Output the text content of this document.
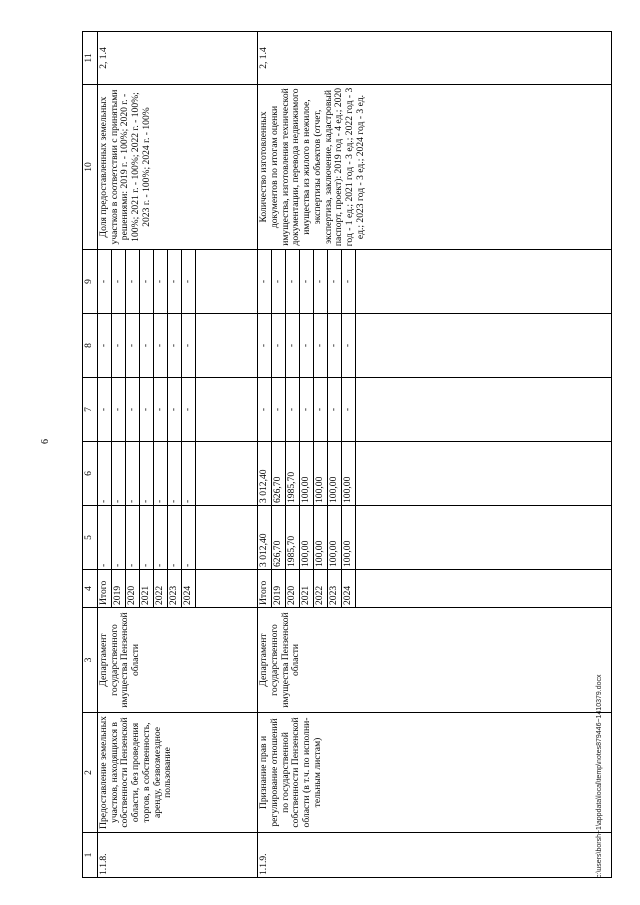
6
c:\users\borsh~1\appdata\local\temp\notes879446~1410379.docx
1	2	3	4	5	6	7	8	9	10	11
1.1.8.	Предоставление земельных участков, находящихся в собственности Пензенской области, без проведения торгов, в собственность, аренду, безвозмездное пользование	Департамент государственного имущества Пензенской области	Итого	-	-	-	-	-	Доля предоставленных земельных участков в соответствии с принятыми решениями: 2019 г. - 100%; 2020 г. - 100%; 2021 г. - 100%; 2022 г. - 100%; 2023 г. - 100%; 2024 г. - 100%	2, 1.4
			2019	-	-	-	-	-		
			2020	-	-	-	-	-		
			2021	-	-	-	-	-		
			2022	-	-	-	-	-		
			2023	-	-	-	-	-		
			2024	-	-	-	-	-		

1.1.9.	Признание прав и регулирование отношений по государственной собственности Пензенской области (в т.ч. по исполни-тельным листам)	Департамент государственного имущества Пензенской области	Итого	3 012,40	3 012,40	-	-	-	Количество изготовленных документов по итогам оценки имущества, изготовления технической документации, перевода недвижимого имущества из жилого в нежилое, экспертизы объектов (отчет, экспертиза, заключение, кадастровый паспорт, проект): 2019 год - 4 ед.; 2020 год - 1 ед.; 2021 год - 3 ед.; 2022 год - 3 ед.; 2023 год - 3 ед.; 2024 год - 3 ед.	2, 1.4
			2019	626,70	626,70	-	-	-		
			2020	1985,70	1985,70	-	-	-		
			2021	100,00	100,00	-	-	-		
			2022	100,00	100,00	-	-	-		
			2023	100,00	100,00	-	-	-		
			2024	100,00	100,00	-	-	-		
